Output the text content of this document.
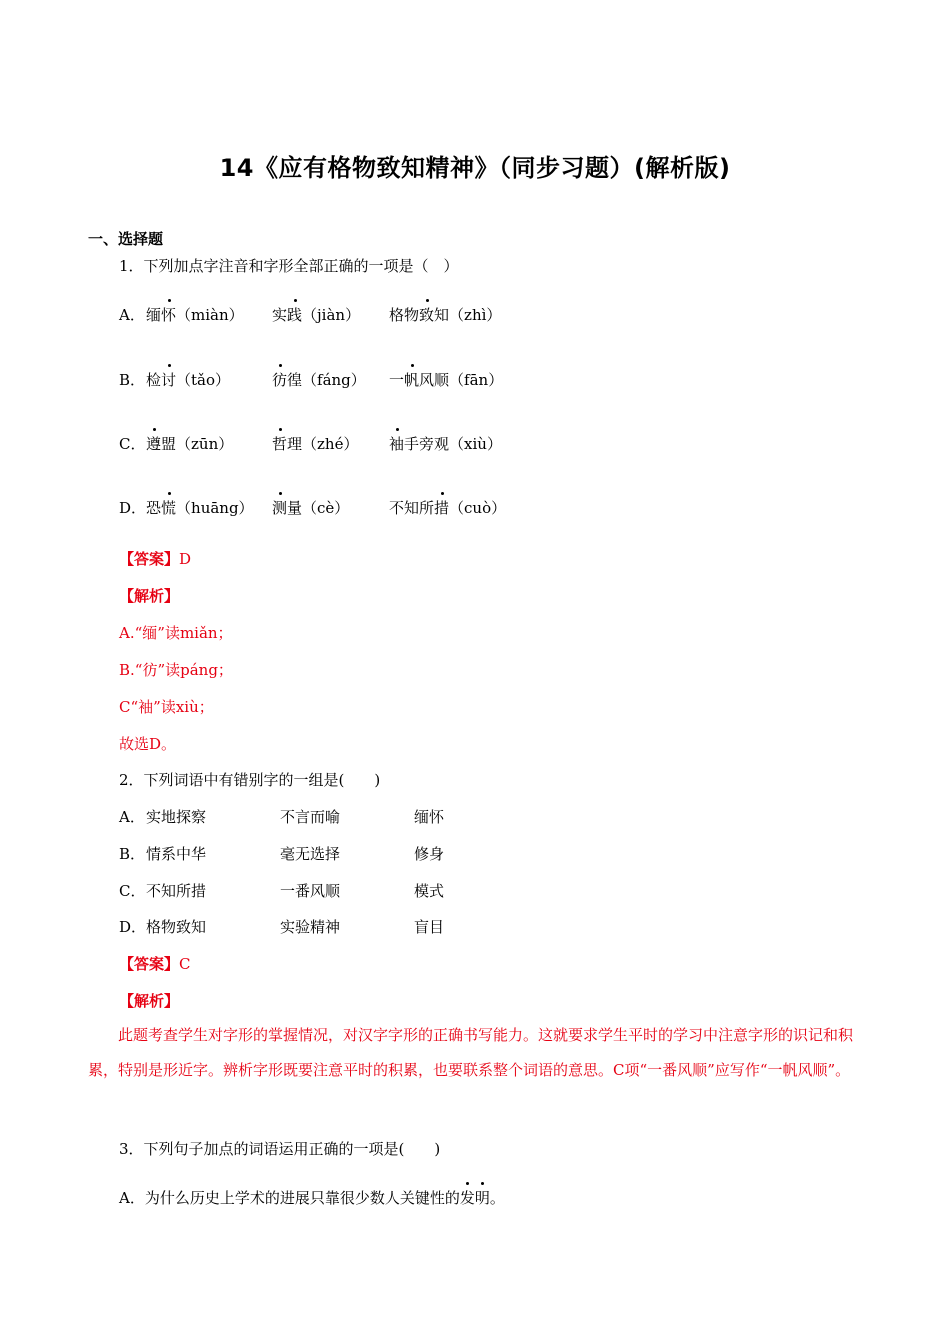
14《应有格物致知精神》（同步习题）(解析版)
一、选择题
1．下列加点字注音和字形全部正确的一项是（　）
A． 缅怀（miàn） 实践（jiàn） 格物致知（zhì）
B． 检讨（tǎo）	彷徨（fáng） 一帆风顺（fān）
C． 遵盟（zūn）	哲理（zhé） 袖手旁观（xiù）
D． 恐慌（huāng） 测量（cè）	不知所措（cuò）
【答案】D
【解析】
A.“缅”读miǎn；
B.“彷”读páng；
C“袖”读xiù；
故选D。
2．下列词语中有错别字的一组是(　　)
A． 实地探察	不言而喻	缅怀
B． 情系中华	毫无选择	修身
C． 不知所措	一番风顺	模式
D． 格物致知	实验精神	盲目
【答案】C
【解析】
此题考查学生对字形的掌握情况，对汉字字形的正确书写能力。这就要求学生平时的学习中注意字形的识记和积累，特别是形近字。辨析字形既要注意平时的积累，也要联系整个词语的意思。C项“一番风顺”应写作“一帆风顺”。
3．下列句子加点的词语运用正确的一项是(　　)
A．为什么历史上学术的进展只靠很少数人关键性的发明。
